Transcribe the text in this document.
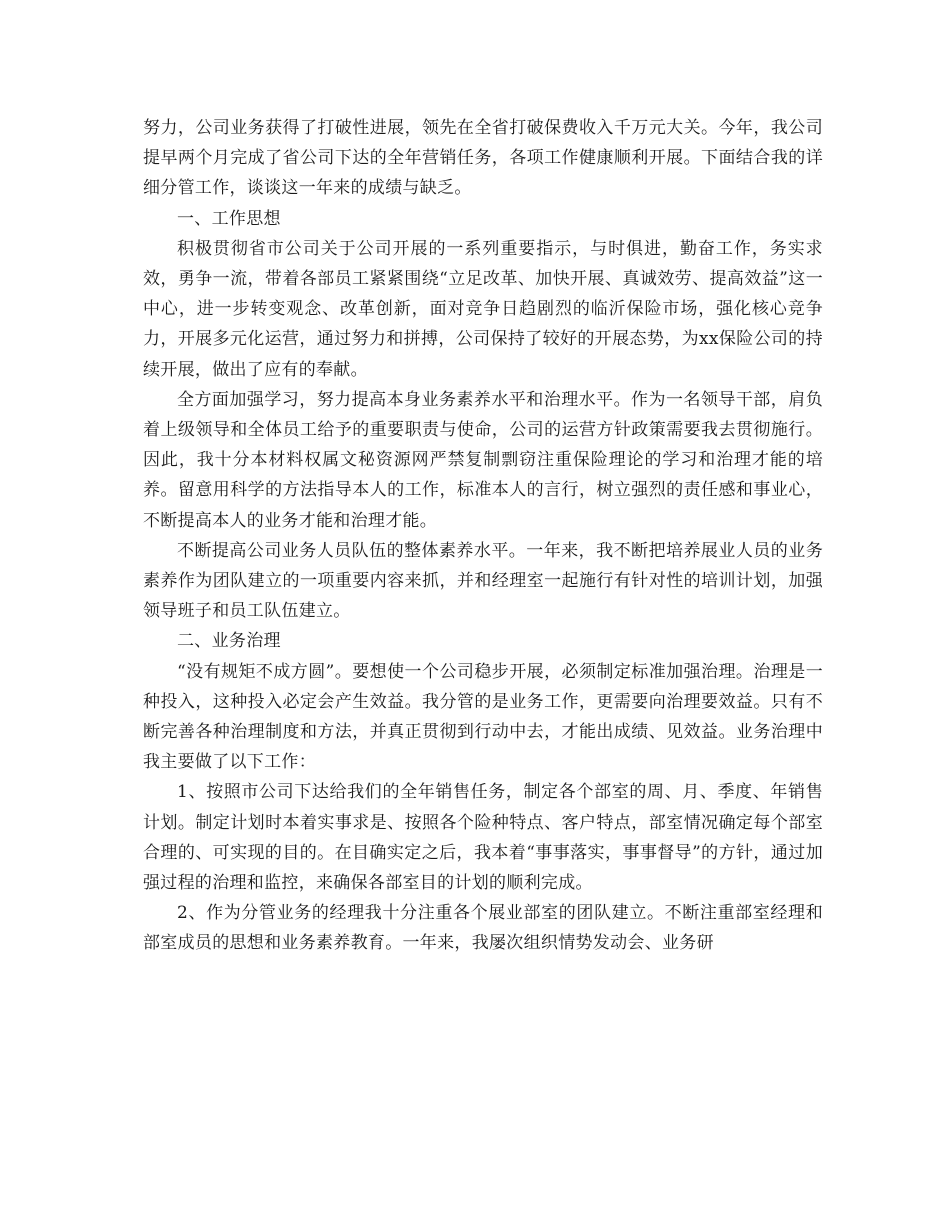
努力，公司业务获得了打破性进展，领先在全省打破保费收入千万元大关。今年，我公司提早两个月完成了省公司下达的全年营销任务，各项工作健康顺利开展。下面结合我的详细分管工作，谈谈这一年来的成绩与缺乏。

一、工作思想

积极贯彻省市公司关于公司开展的一系列重要指示，与时俱进，勤奋工作，务实求效，勇争一流，带着各部员工紧紧围绕“立足改革、加快开展、真诚效劳、提高效益”这一中心，进一步转变观念、改革创新，面对竞争日趋剧烈的临沂保险市场，强化核心竞争力，开展多元化运营，通过努力和拼搏，公司保持了较好的开展态势，为xx保险公司的持续开展，做出了应有的奉献。

全方面加强学习，努力提高本身业务素养水平和治理水平。作为一名领导干部，肩负着上级领导和全体员工给予的重要职责与使命，公司的运营方针政策需要我去贯彻施行。因此，我十分本材料权属文秘资源网严禁复制剽窃注重保险理论的学习和治理才能的培养。留意用科学的方法指导本人的工作，标准本人的言行，树立强烈的责任感和事业心，不断提高本人的业务才能和治理才能。

不断提高公司业务人员队伍的整体素养水平。一年来，我不断把培养展业人员的业务素养作为团队建立的一项重要内容来抓，并和经理室一起施行有针对性的培训计划，加强领导班子和员工队伍建立。

二、业务治理

“没有规矩不成方圆”。要想使一个公司稳步开展，必须制定标准加强治理。治理是一种投入，这种投入必定会产生效益。我分管的是业务工作，更需要向治理要效益。只有不断完善各种治理制度和方法，并真正贯彻到行动中去，才能出成绩、见效益。业务治理中我主要做了以下工作：

1、按照市公司下达给我们的全年销售任务，制定各个部室的周、月、季度、年销售计划。制定计划时本着实事求是、按照各个险种特点、客户特点，部室情况确定每个部室合理的、可实现的目的。在目确实定之后，我本着“事事落实，事事督导”的方针，通过加强过程的治理和监控，来确保各部室目的计划的顺利完成。

2、作为分管业务的经理我十分注重各个展业部室的团队建立。不断注重部室经理和部室成员的思想和业务素养教育。一年来，我屡次组织情势发动会、业务研
